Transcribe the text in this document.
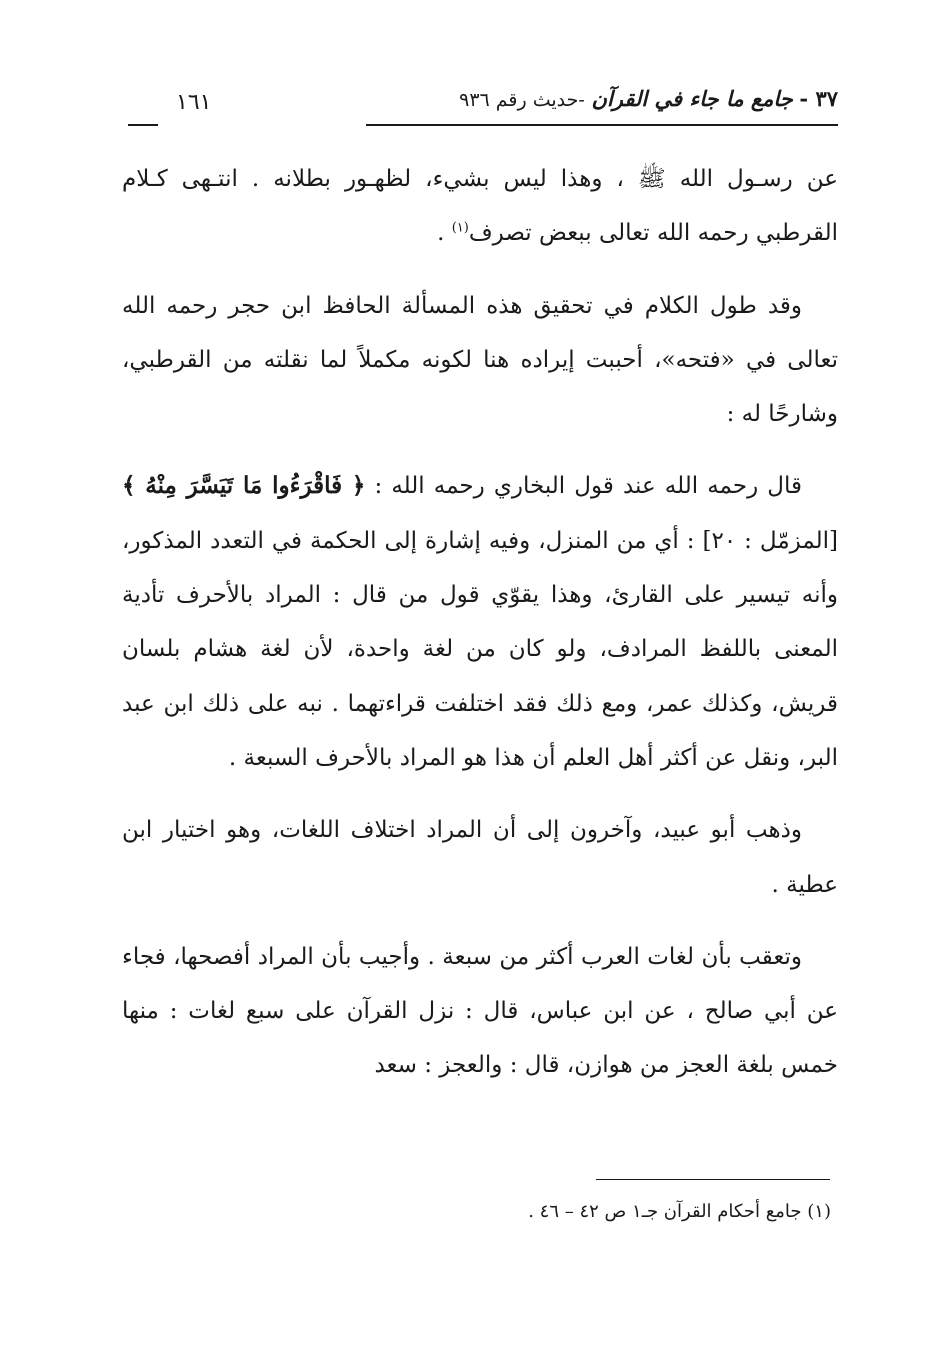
٣٧ - جامع ما جاء في القرآن -حديث رقم ٩٣٦
١٦١

عن رسـول الله ﷺ ، وهذا ليس بشيء، لظهـور بطلانه . انتـهى كـلام القرطبي رحمه الله تعالى ببعض تصرف$^{(١)}$ .

وقد طول الكلام في تحقيق هذه المسألة الحافظ ابن حجر رحمه الله تعالى في «فتحه»، أحببت إيراده هنا لكونه مكملاً لما نقلته من القرطبي، وشارحًا له :

قال رحمه الله عند قول البخاري رحمه الله : ﴿ فَاقْرَءُوا مَا تَيَسَّرَ مِنْهُ ﴾ [المزمّل : ٢٠] : أي من المنزل، وفيه إشارة إلى الحكمة في التعدد المذكور، وأنه تيسير على القارئ، وهذا يقوّي قول من قال : المراد بالأحرف تأدية المعنى باللفظ المرادف، ولو كان من لغة واحدة، لأن لغة هشام بلسان قريش، وكذلك عمر، ومع ذلك فقد اختلفت قراءتهما . نبه على ذلك ابن عبد البر، ونقل عن أكثر أهل العلم أن هذا هو المراد بالأحرف السبعة .

وذهب أبو عبيد، وآخرون إلى أن المراد اختلاف اللغات، وهو اختيار ابن عطية .

وتعقب بأن لغات العرب أكثر من سبعة . وأجيب بأن المراد أفصحها، فجاء عن أبي صالح ، عن ابن عباس، قال : نزل القرآن على سبع لغات : منها خمس بلغة العجز من هوازن، قال : والعجز : سعد

(١) جامع أحكام القرآن جـ١ ص ٤٢ – ٤٦ .
